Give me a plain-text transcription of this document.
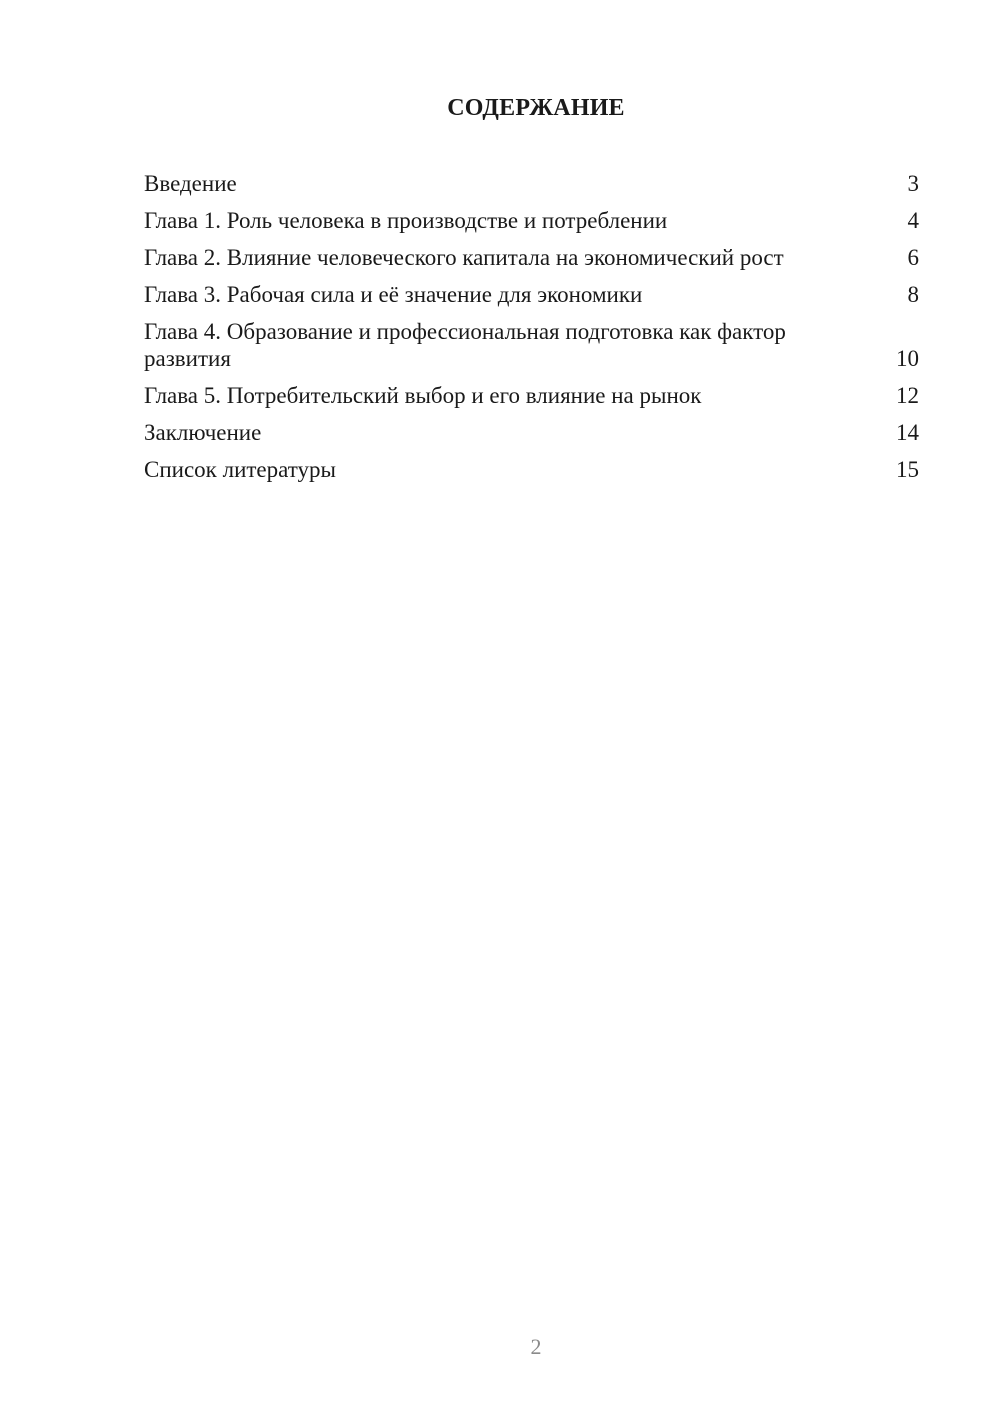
СОДЕРЖАНИЕ
Введение	3
Глава 1. Роль человека в производстве и потреблении	4
Глава 2. Влияние человеческого капитала на экономический рост	6
Глава 3. Рабочая сила и её значение для экономики	8
Глава 4. Образование и профессиональная подготовка как фактор развития	10
Глава 5. Потребительский выбор и его влияние на рынок	12
Заключение	14
Список литературы	15
2
